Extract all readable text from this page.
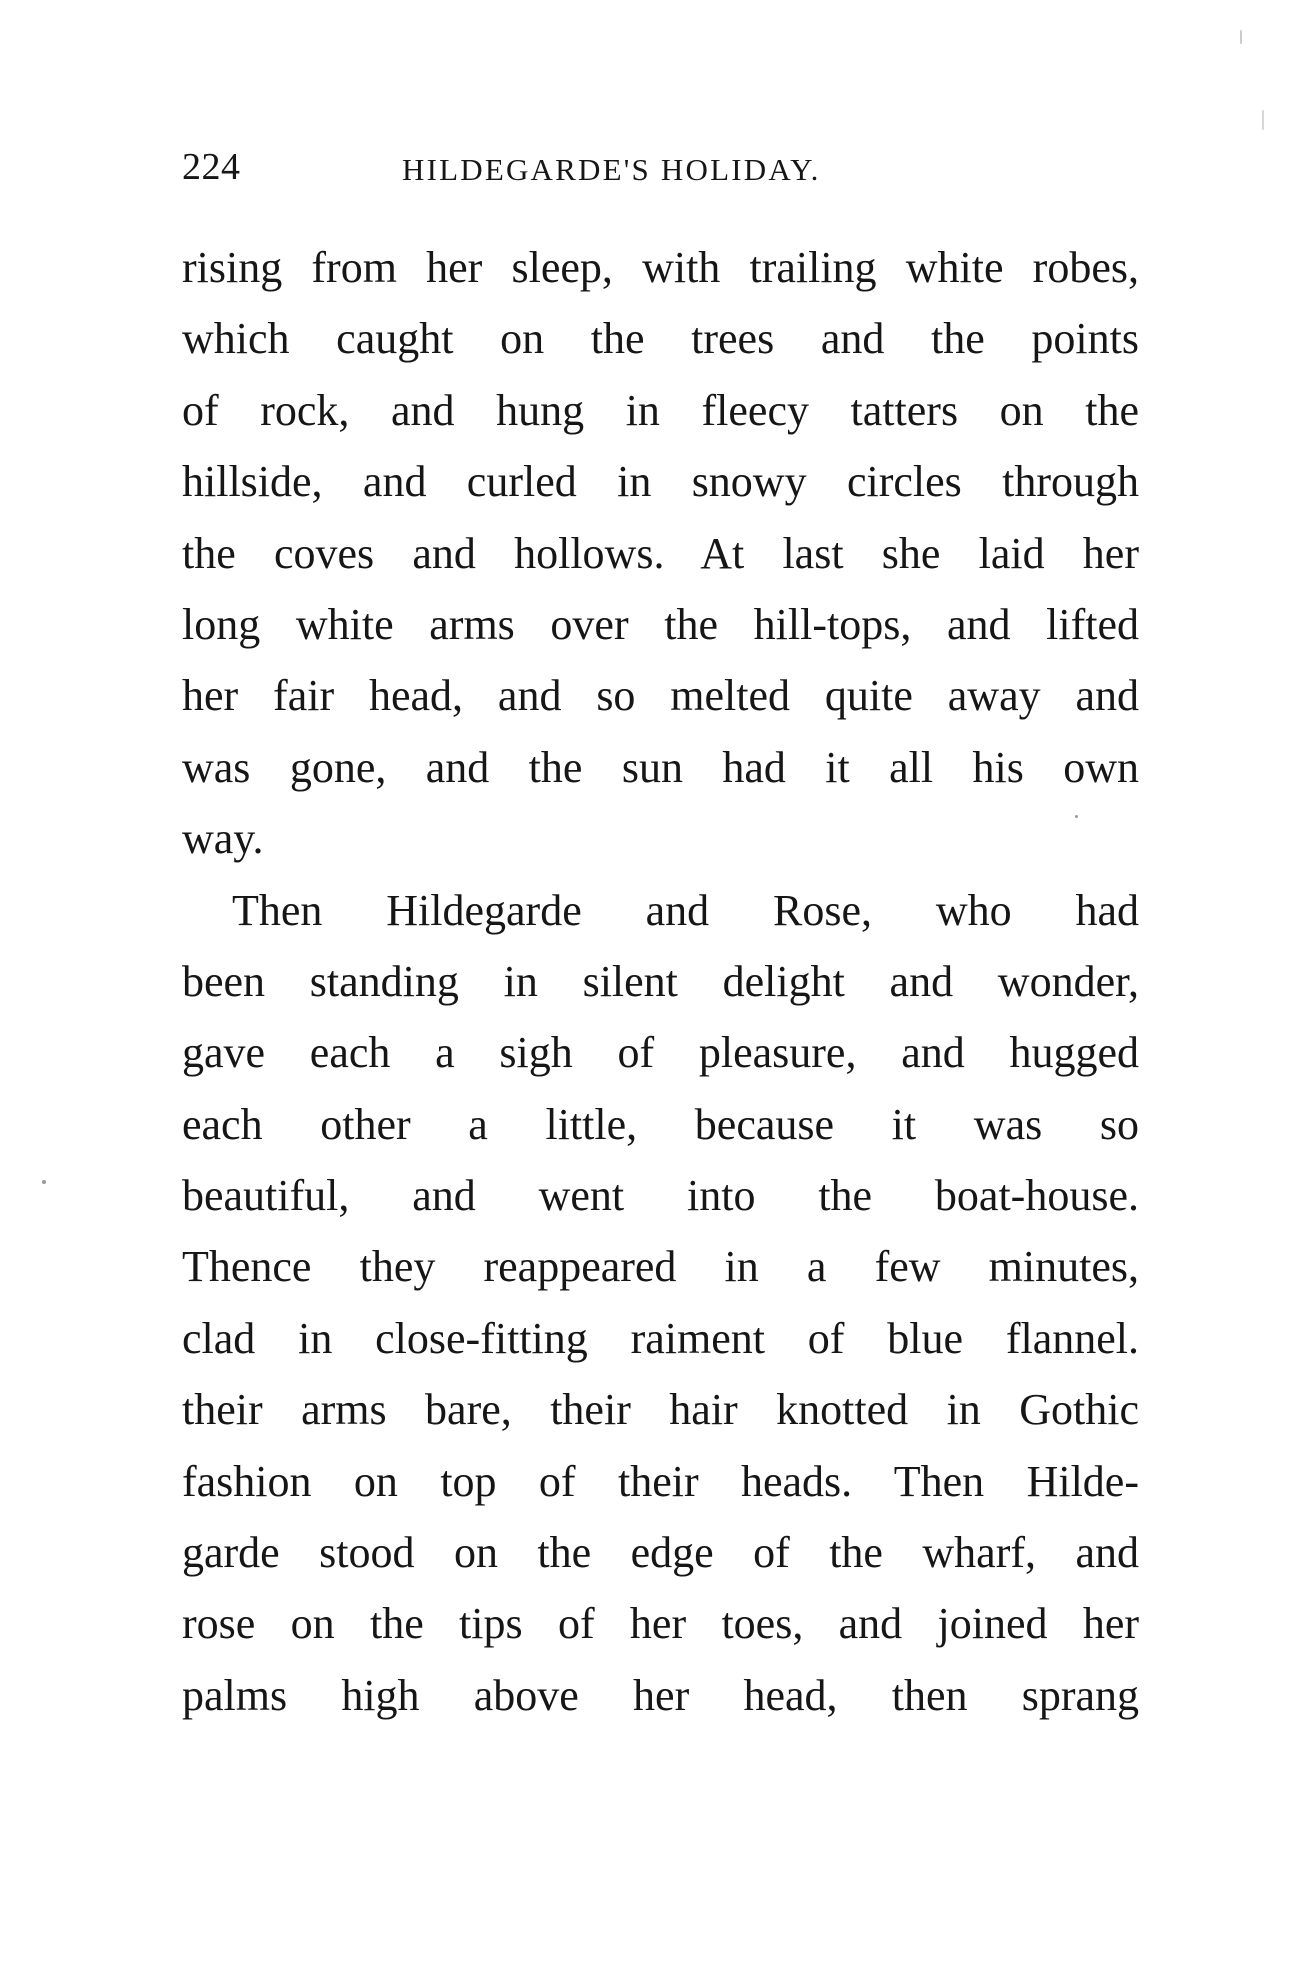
224	HILDEGARDE'S HOLIDAY.
rising from her sleep, with trailing white robes,
which caught on the trees and the points
of rock, and hung in fleecy tatters on the
hillside, and curled in snowy circles through
the coves and hollows. At last she laid her
long white arms over the hill-tops, and lifted
her fair head, and so melted quite away and
was gone, and the sun had it all his own
way.
Then Hildegarde and Rose, who had
been standing in silent delight and wonder,
gave each a sigh of pleasure, and hugged
each other a little, because it was so
beautiful, and went into the boat-house.
Thence they reappeared in a few minutes,
clad in close-fitting raiment of blue flannel.
their arms bare, their hair knotted in Gothic
fashion on top of their heads. Then Hilde-
garde stood on the edge of the wharf, and
rose on the tips of her toes, and joined her
palms high above her head, then sprang
